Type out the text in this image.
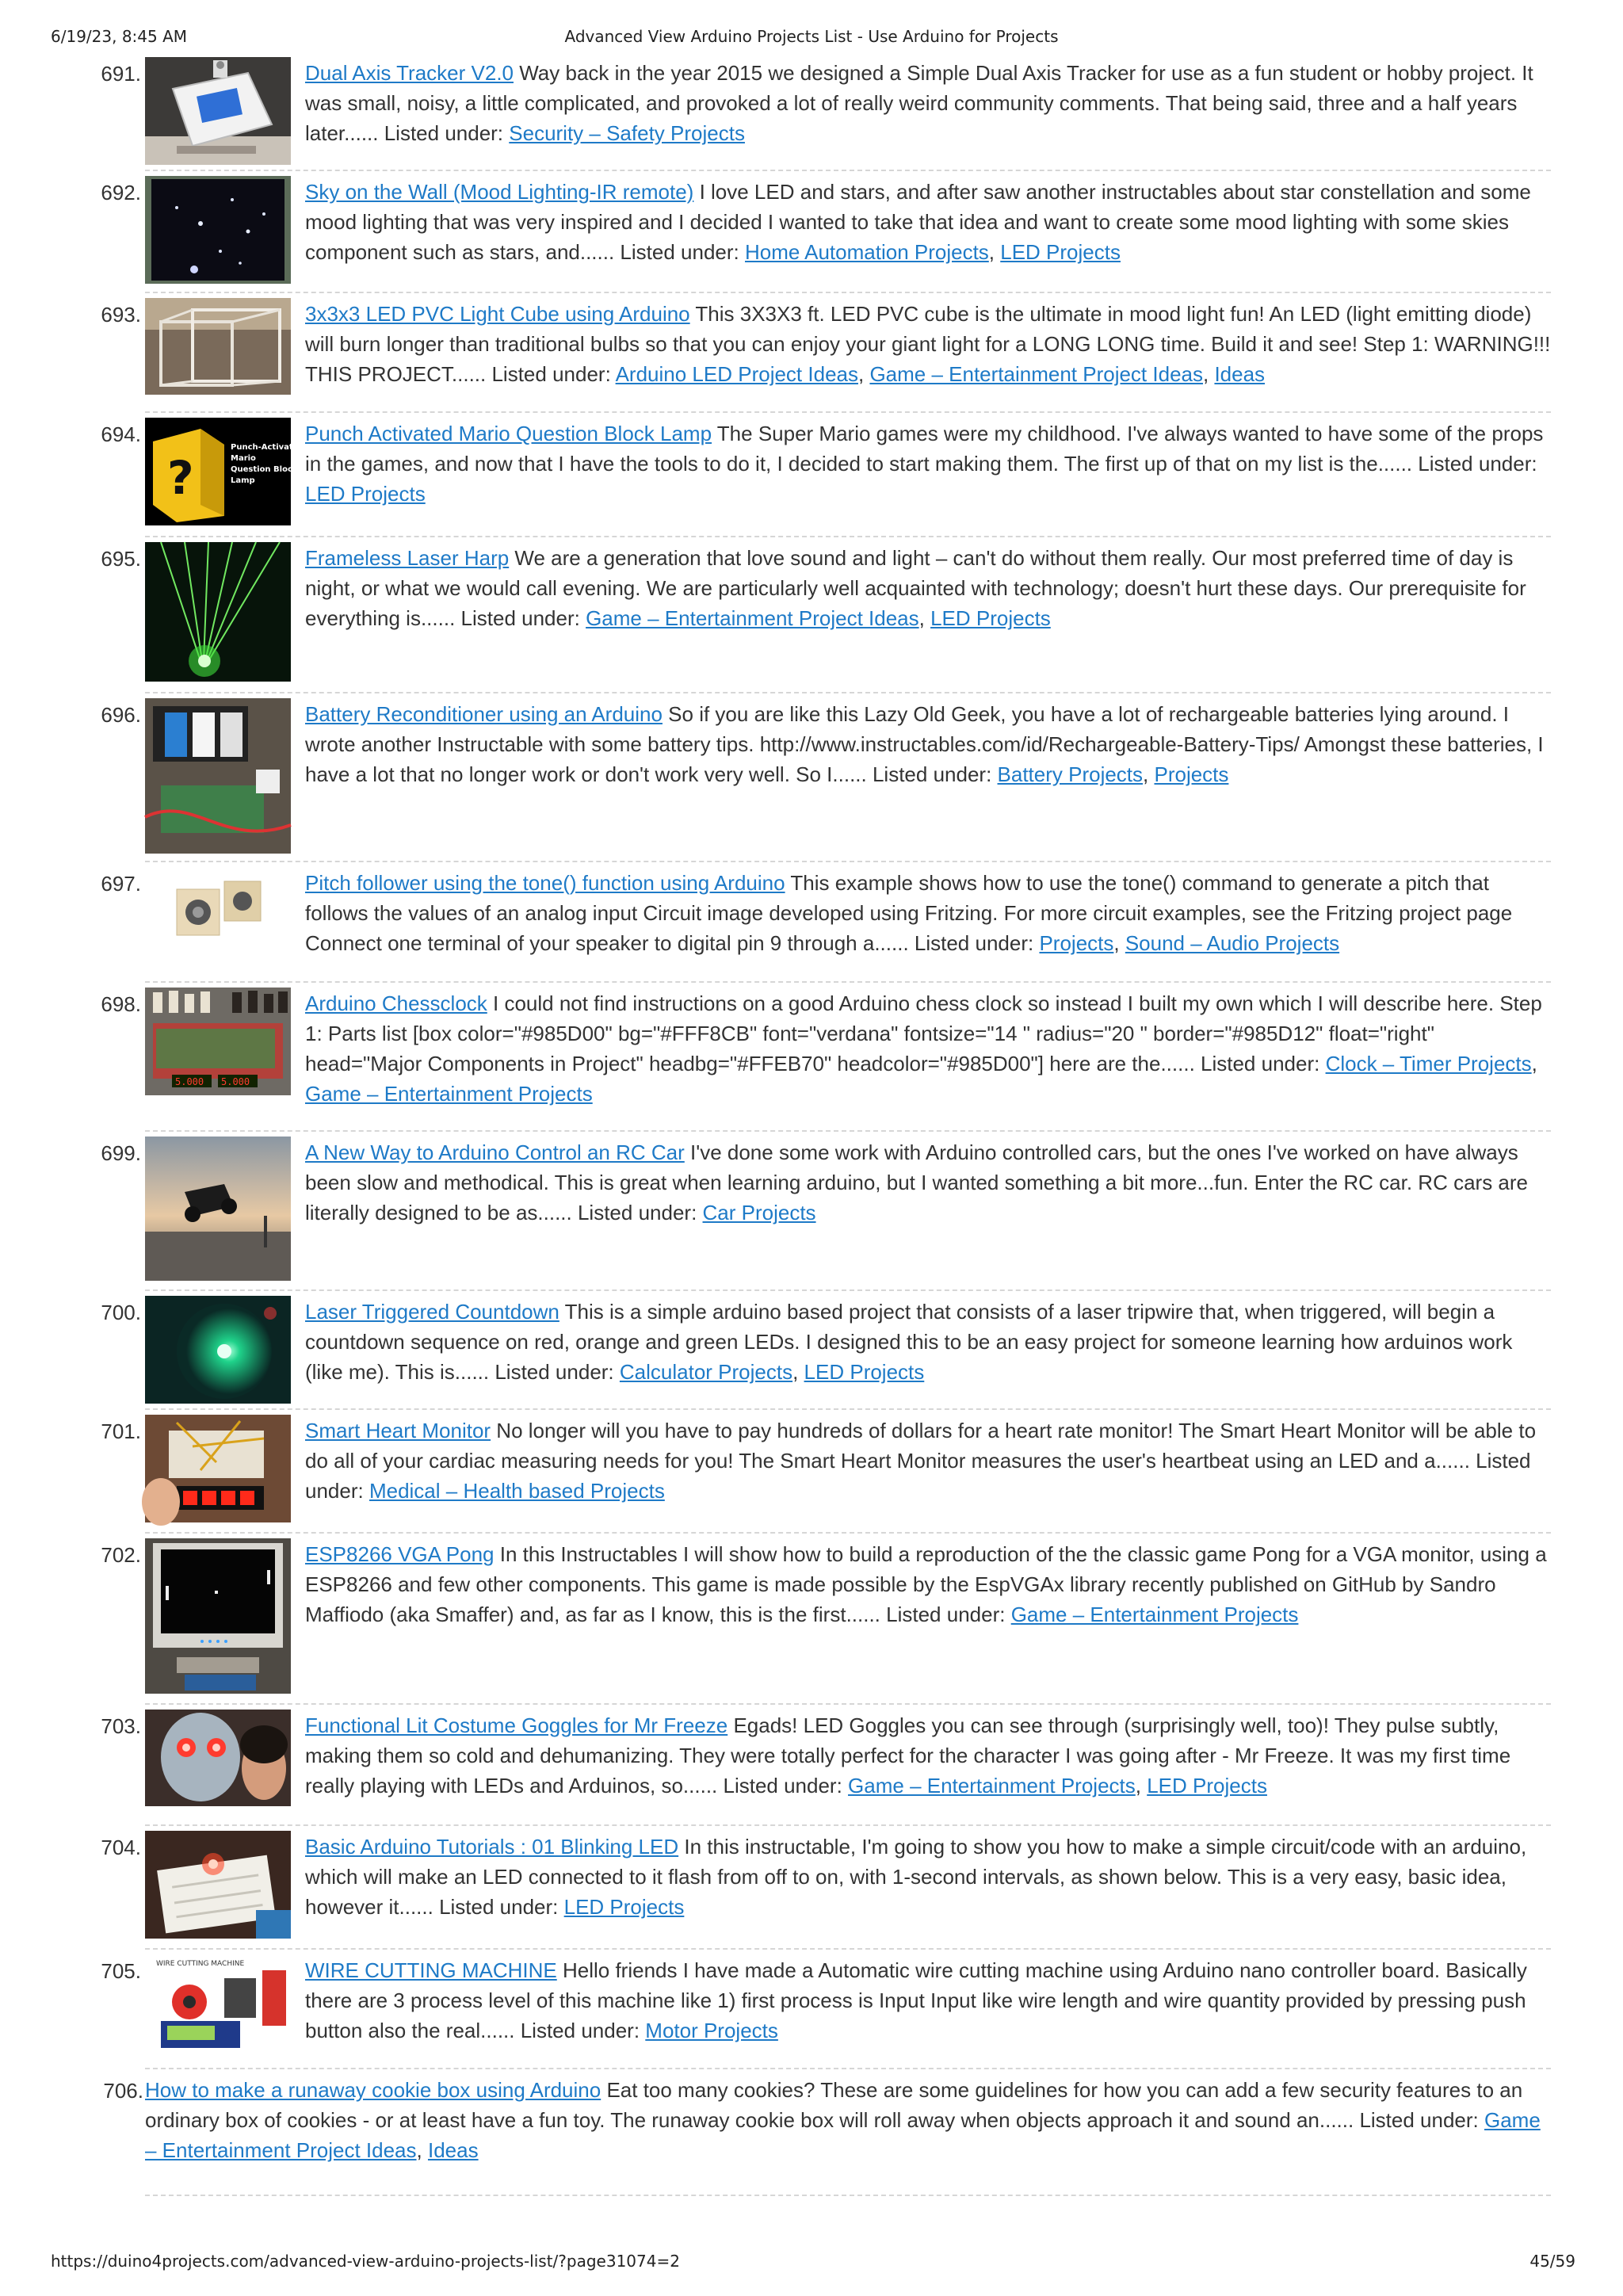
6/19/23, 8:45 AM	Advanced View Arduino Projects List - Use Arduino for Projects
691.	Dual Axis Tracker V2.0 Way back in the year 2015 we designed a Simple Dual Axis Tracker for use as a fun student or hobby project. It was small, noisy, a little complicated, and provoked a lot of really weird community comments. That being said, three and a half years later...... Listed under: Security – Safety Projects
692.	Sky on the Wall (Mood Lighting-IR remote) I love LED and stars, and after saw another instructables about star constellation and some mood lighting that was very inspired and I decided I wanted to take that idea and want to create some mood lighting with some skies component such as stars, and...... Listed under: Home Automation Projects, LED Projects
693.	3x3x3 LED PVC Light Cube using Arduino This 3X3X3 ft. LED PVC cube is the ultimate in mood light fun! An LED (light emitting diode) will burn longer than traditional bulbs so that you can enjoy your giant light for a LONG LONG time. Build it and see! Step 1: WARNING!!! THIS PROJECT...... Listed under: Arduino LED Project Ideas, Game – Entertainment Project Ideas, Ideas
694.
?
Punch-Activated
Mario
Question Block
Lamp
Punch Activated Mario Question Block Lamp The Super Mario games were my childhood. I've always wanted to have some of the props in the games, and now that I have the tools to do it, I decided to start making them. The first up of that on my list is the...... Listed under: LED Projects
695.	Frameless Laser Harp We are a generation that love sound and light – can't do without them really. Our most preferred time of day is night, or what we would call evening. We are particularly well acquainted with technology; doesn't hurt these days. Our prerequisite for everything is...... Listed under: Game – Entertainment Project Ideas, LED Projects
696.	Battery Reconditioner using an Arduino So if you are like this Lazy Old Geek, you have a lot of rechargeable batteries lying around. I wrote another Instructable with some battery tips. http://www.instructables.com/id/Rechargeable-Battery-Tips/ Amongst these batteries, I have a lot that no longer work or don't work very well. So I...... Listed under: Battery Projects, Projects
697.	Pitch follower using the tone() function using Arduino This example shows how to use the tone() command to generate a pitch that follows the values of an analog input Circuit image developed using Fritzing. For more circuit examples, see the Fritzing project page Connect one terminal of your speaker to digital pin 9 through a...... Listed under: Projects, Sound – Audio Projects
698.
5.000 5.000
Arduino Chessclock I could not find instructions on a good Arduino chess clock so instead I built my own which I will describe here. Step 1: Parts list [box color="#985D00" bg="#FFF8CB" font="verdana" fontsize="14 " radius="20 " border="#985D12" float="right" head="Major Components in Project" headbg="#FFEB70" headcolor="#985D00"] here are the...... Listed under: Clock – Timer Projects, Game – Entertainment Projects
699.	A New Way to Arduino Control an RC Car I've done some work with Arduino controlled cars, but the ones I've worked on have always been slow and methodical. This is great when learning arduino, but I wanted something a bit more...fun. Enter the RC car. RC cars are literally designed to be as...... Listed under: Car Projects
700.	Laser Triggered Countdown This is a simple arduino based project that consists of a laser tripwire that, when triggered, will begin a countdown sequence on red, orange and green LEDs. I designed this to be an easy project for someone learning how arduinos work (like me). This is...... Listed under: Calculator Projects, LED Projects
701.	Smart Heart Monitor No longer will you have to pay hundreds of dollars for a heart rate monitor! The Smart Heart Monitor will be able to do all of your cardiac measuring needs for you! The Smart Heart Monitor measures the user's heartbeat using an LED and a...... Listed under: Medical – Health based Projects
702.	ESP8266 VGA Pong In this Instructables I will show how to build a reproduction of the the classic game Pong for a VGA monitor, using a ESP8266 and few other components. This game is made possible by the EspVGAx library recently published on GitHub by Sandro Maffiodo (aka Smaffer) and, as far as I know, this is the first...... Listed under: Game – Entertainment Projects
703.	Functional Lit Costume Goggles for Mr Freeze Egads! LED Goggles you can see through (surprisingly well, too)! They pulse subtly, making them so cold and dehumanizing. They were totally perfect for the character I was going after - Mr Freeze. It was my first time really playing with LEDs and Arduinos, so...... Listed under: Game – Entertainment Projects, LED Projects
704.	Basic Arduino Tutorials : 01 Blinking LED In this instructable, I'm going to show you how to make a simple circuit/code with an arduino, which will make an LED connected to it flash from off to on, with 1-second intervals, as shown below. This is a very easy, basic idea, however it...... Listed under: LED Projects
705. WIRE CUTTING MACHINE	WIRE CUTTING MACHINE Hello friends I have made a Automatic wire cutting machine using Arduino nano controller board. Basically there are 3 process level of this machine like 1) first process is Input Input like wire length and wire quantity provided by pressing push button also the real...... Listed under: Motor Projects
706. How to make a runaway cookie box using Arduino Eat too many cookies? These are some guidelines for how you can add a few security features to an ordinary box of cookies - or at least have a fun toy. The runaway cookie box will roll away when objects approach it and sound an...... Listed under: Game – Entertainment Project Ideas, Ideas
https://duino4projects.com/advanced-view-arduino-projects-list/?page31074=2	45/59
